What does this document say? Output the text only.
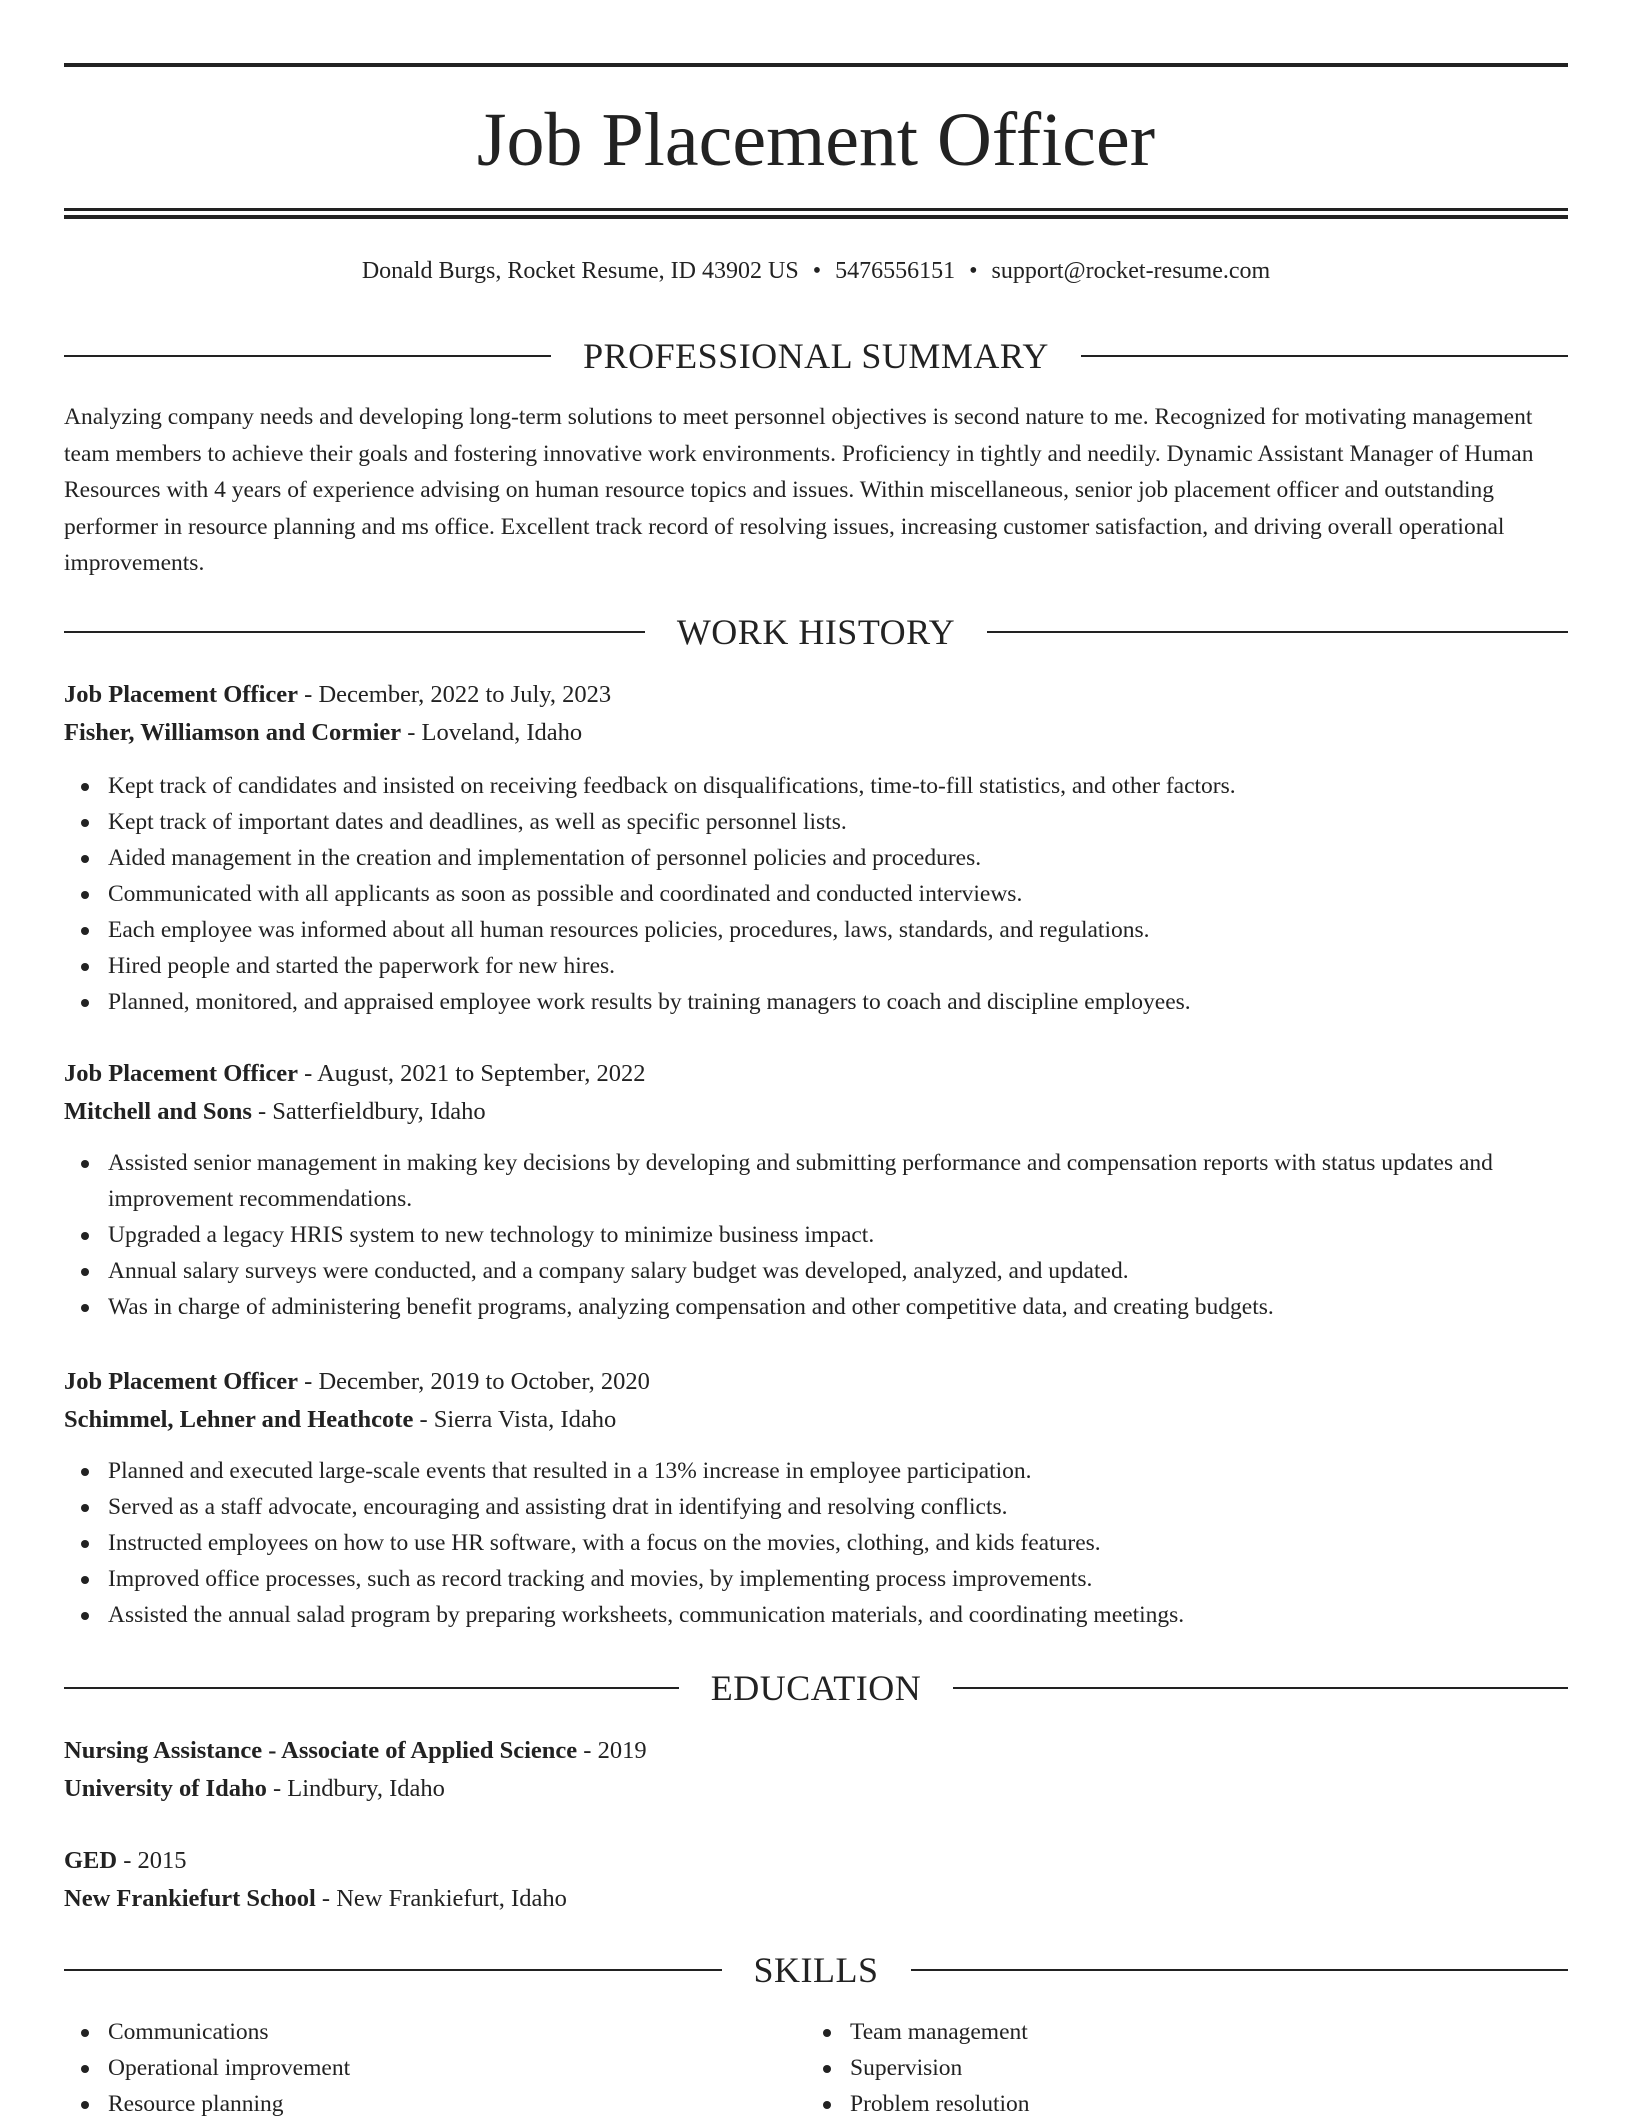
Job Placement Officer
Donald Burgs, Rocket Resume, ID 43902 US • 5476556151 • support@rocket-resume.com
PROFESSIONAL SUMMARY
Analyzing company needs and developing long-term solutions to meet personnel objectives is second nature to me. Recognized for motivating management team members to achieve their goals and fostering innovative work environments. Proficiency in tightly and needily. Dynamic Assistant Manager of Human Resources with 4 years of experience advising on human resource topics and issues. Within miscellaneous, senior job placement officer and outstanding performer in resource planning and ms office. Excellent track record of resolving issues, increasing customer satisfaction, and driving overall operational improvements.
WORK HISTORY
Job Placement Officer - December, 2022 to July, 2023
Fisher, Williamson and Cormier - Loveland, Idaho
Kept track of candidates and insisted on receiving feedback on disqualifications, time-to-fill statistics, and other factors.
Kept track of important dates and deadlines, as well as specific personnel lists.
Aided management in the creation and implementation of personnel policies and procedures.
Communicated with all applicants as soon as possible and coordinated and conducted interviews.
Each employee was informed about all human resources policies, procedures, laws, standards, and regulations.
Hired people and started the paperwork for new hires.
Planned, monitored, and appraised employee work results by training managers to coach and discipline employees.
Job Placement Officer - August, 2021 to September, 2022
Mitchell and Sons - Satterfieldbury, Idaho
Assisted senior management in making key decisions by developing and submitting performance and compensation reports with status updates and improvement recommendations.
Upgraded a legacy HRIS system to new technology to minimize business impact.
Annual salary surveys were conducted, and a company salary budget was developed, analyzed, and updated.
Was in charge of administering benefit programs, analyzing compensation and other competitive data, and creating budgets.
Job Placement Officer - December, 2019 to October, 2020
Schimmel, Lehner and Heathcote - Sierra Vista, Idaho
Planned and executed large-scale events that resulted in a 13% increase in employee participation.
Served as a staff advocate, encouraging and assisting drat in identifying and resolving conflicts.
Instructed employees on how to use HR software, with a focus on the movies, clothing, and kids features.
Improved office processes, such as record tracking and movies, by implementing process improvements.
Assisted the annual salad program by preparing worksheets, communication materials, and coordinating meetings.
EDUCATION
Nursing Assistance - Associate of Applied Science - 2019
University of Idaho - Lindbury, Idaho
GED - 2015
New Frankiefurt School - New Frankiefurt, Idaho
SKILLS
Communications
Operational improvement
Resource planning
Team management
Supervision
Problem resolution
